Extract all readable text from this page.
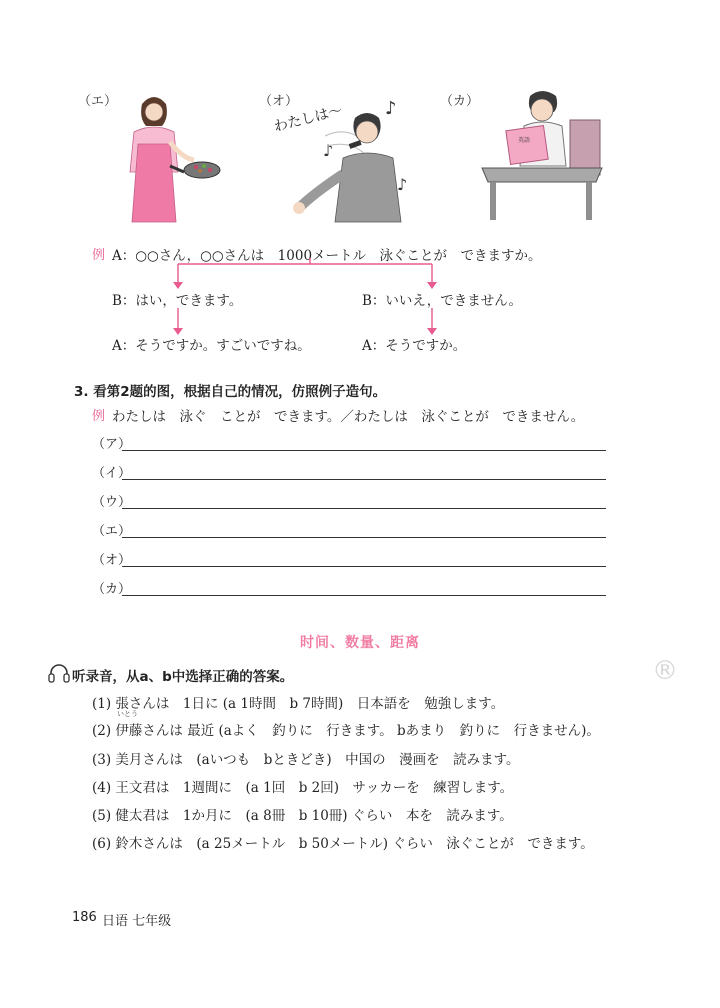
（エ）	（オ）	（カ）
わたしは～ ♪
♪
♪
英語
例 A：○○さん，○○さんは　1000メートル　泳ぐことが　できますか。
B：はい，できます。	B：いいえ，できません。
A：そうですか。すごいですね。	A：そうですか。
3. 看第2题的图，根据自己的情况，仿照例子造句。
例 わたしは　泳ぐ　ことが　できます。／わたしは　泳ぐことが　できません。
（ア）
（イ）
（ウ）
（エ）
（オ）
（カ）
时间、数量、距离
®
听录音，从a、b中选择正确的答案。
いとう
(1) 張さんは　1日に (a 1時間　b 7時間)　日本語を　勉強します。
(2) 伊藤さんは 最近 (aよく　釣りに　行きます。 bあまり　釣りに　行きません)。
(3) 美月さんは　(aいつも　bときどき)　中国の　漫画を　読みます。
(4) 王文君は　1週間に　(a 1回　b 2回)　サッカーを　練習します。
(5) 健太君は　1か月に　(a 8冊　b 10冊) ぐらい　本を　読みます。
(6) 鈴木さんは　(a 25メートル　b 50メートル) ぐらい　泳ぐことが　できます。
186 日语 七年级
